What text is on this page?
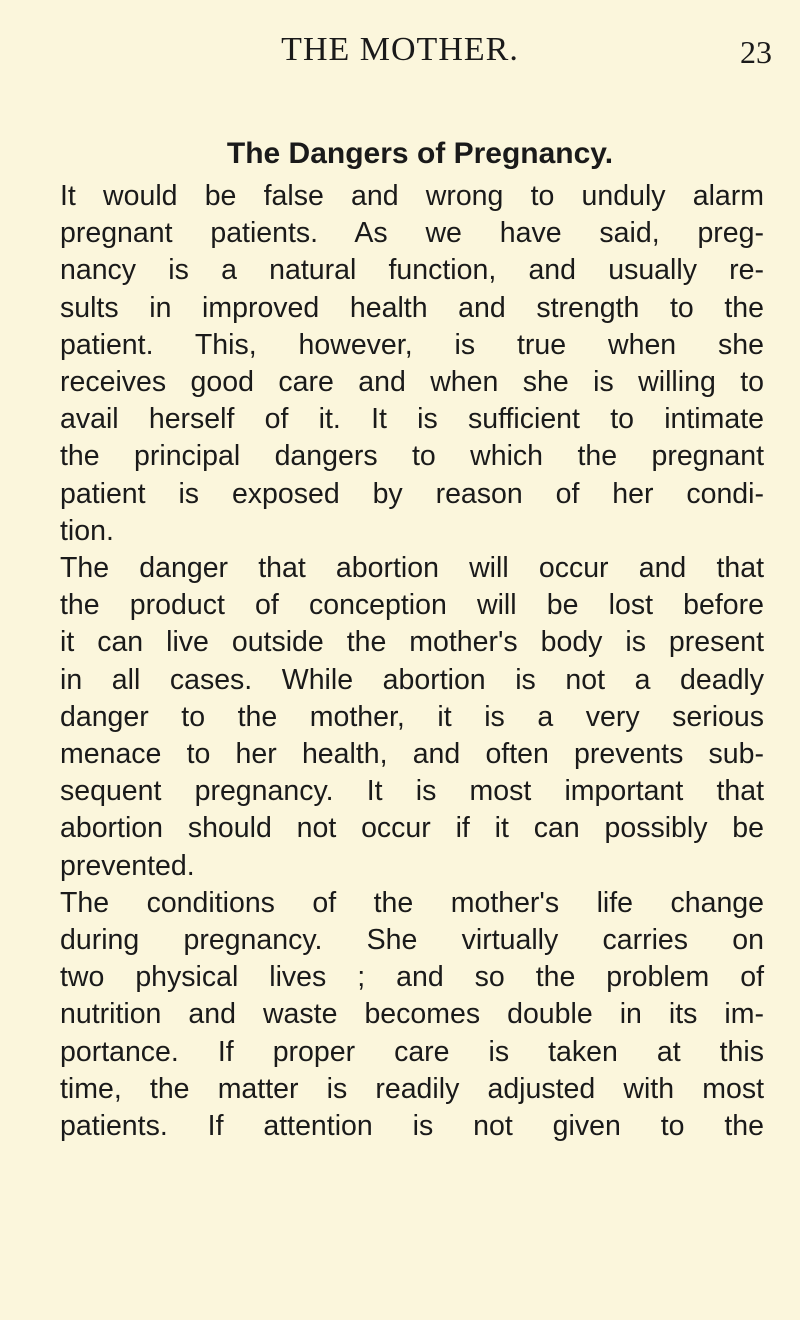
THE MOTHER.	23
The Dangers of Pregnancy.

It would be false and wrong to unduly alarm
pregnant patients. As we have said, preg-
nancy is a natural function, and usually re-
sults in improved health and strength to the
patient. This, however, is true when she
receives good care and when she is willing to
avail herself of it. It is sufficient to intimate
the principal dangers to which the pregnant
patient is exposed by reason of her condi-
tion.

The danger that abortion will occur and that
the product of conception will be lost before
it can live outside the mother's body is present
in all cases. While abortion is not a deadly
danger to the mother, it is a very serious
menace to her health, and often prevents sub-
sequent pregnancy. It is most important that
abortion should not occur if it can possibly be
prevented.

The conditions of the mother's life change
during pregnancy. She virtually carries on
two physical lives ; and so the problem of
nutrition and waste becomes double in its im-
portance. If proper care is taken at this
time, the matter is readily adjusted with most
patients. If attention is not given to the
